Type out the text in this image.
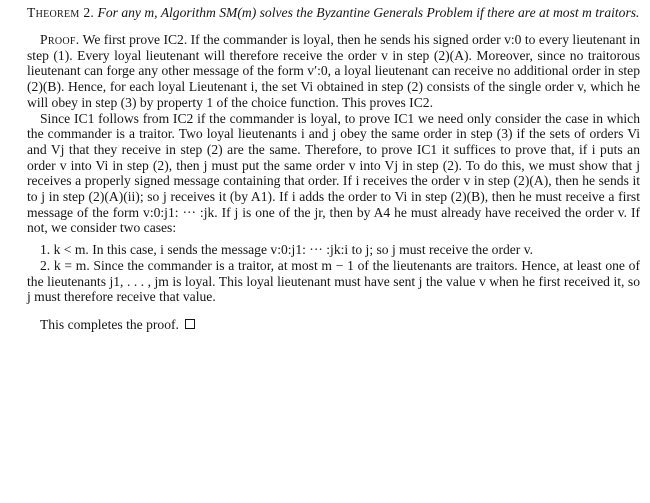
Theorem 2. For any m, Algorithm SM(m) solves the Byzantine Generals Problem if there are at most m traitors.

Proof. We first prove IC2. If the commander is loyal, then he sends his signed order v:0 to every lieutenant in step (1). Every loyal lieutenant will therefore receive the order v in step (2)(A). Moreover, since no traitorous lieutenant can forge any other message of the form v′:0, a loyal lieutenant can receive no additional order in step (2)(B). Hence, for each loyal Lieutenant i, the set Vi obtained in step (2) consists of the single order v, which he will obey in step (3) by property 1 of the choice function. This proves IC2.

Since IC1 follows from IC2 if the commander is loyal, to prove IC1 we need only consider the case in which the commander is a traitor. Two loyal lieutenants i and j obey the same order in step (3) if the sets of orders Vi and Vj that they receive in step (2) are the same. Therefore, to prove IC1 it suffices to prove that, if i puts an order v into Vi in step (2), then j must put the same order v into Vj in step (2). To do this, we must show that j receives a properly signed message containing that order. If i receives the order v in step (2)(A), then he sends it to j in step (2)(A)(ii); so j receives it (by A1). If i adds the order to Vi in step (2)(B), then he must receive a first message of the form v:0:j1: ··· :jk. If j is one of the jr, then by A4 he must already have received the order v. If not, we consider two cases:

1. k < m. In this case, i sends the message v:0:j1: ··· :jk:i to j; so j must receive the order v.

2. k = m. Since the commander is a traitor, at most m − 1 of the lieutenants are traitors. Hence, at least one of the lieutenants j1, . . . , jm is loyal. This loyal lieutenant must have sent j the value v when he first received it, so j must therefore receive that value.

This completes the proof.
